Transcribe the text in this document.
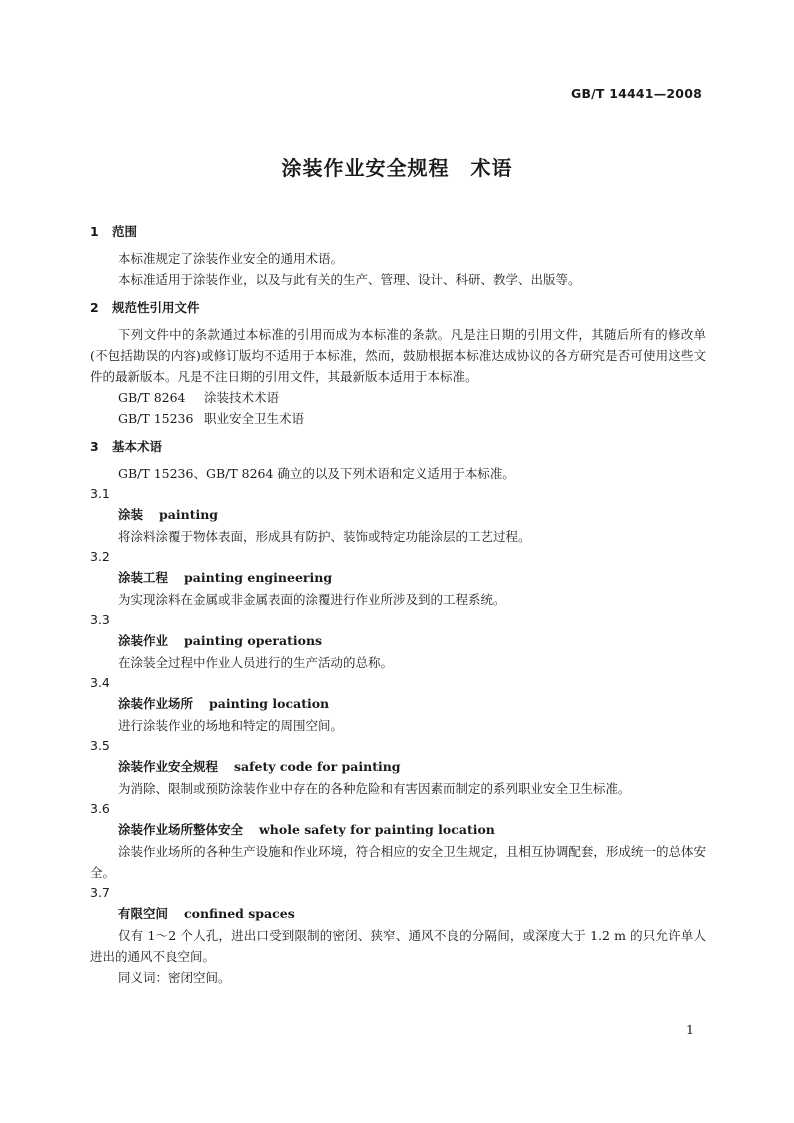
GB/T 14441—2008
涂装作业安全规程　术语
1 范围

本标准规定了涂装作业安全的通用术语。

本标准适用于涂装作业，以及与此有关的生产、管理、设计、科研、教学、出版等。

2 规范性引用文件

下列文件中的条款通过本标准的引用而成为本标准的条款。凡是注日期的引用文件，其随后所有的修改单(不包括勘误的内容)或修订版均不适用于本标准，然而，鼓励根据本标准达成协议的各方研究是否可使用这些文件的最新版本。凡是不注日期的引用文件，其最新版本适用于本标准。

GB/T 8264 涂装技术术语
GB/T 15236 职业安全卫生术语
3 基本术语

GB/T 15236、GB/T 8264 确立的以及下列术语和定义适用于本标准。

3.1
涂装 painting

将涂料涂覆于物体表面，形成具有防护、装饰或特定功能涂层的工艺过程。

3.2
涂装工程 painting engineering

为实现涂料在金属或非金属表面的涂覆进行作业所涉及到的工程系统。

3.3
涂装作业 painting operations

在涂装全过程中作业人员进行的生产活动的总称。

3.4
涂装作业场所 painting location

进行涂装作业的场地和特定的周围空间。

3.5
涂装作业安全规程 safety code for painting

为消除、限制或预防涂装作业中存在的各种危险和有害因素而制定的系列职业安全卫生标准。

3.6
涂装作业场所整体安全 whole safety for painting location

涂装作业场所的各种生产设施和作业环境，符合相应的安全卫生规定，且相互协调配套，形成统一的总体安全。

3.7
有限空间 confined spaces

仅有 1～2 个人孔，进出口受到限制的密闭、狭窄、通风不良的分隔间，或深度大于 1.2 m 的只允许单人进出的通风不良空间。

同义词：密闭空间。

1
